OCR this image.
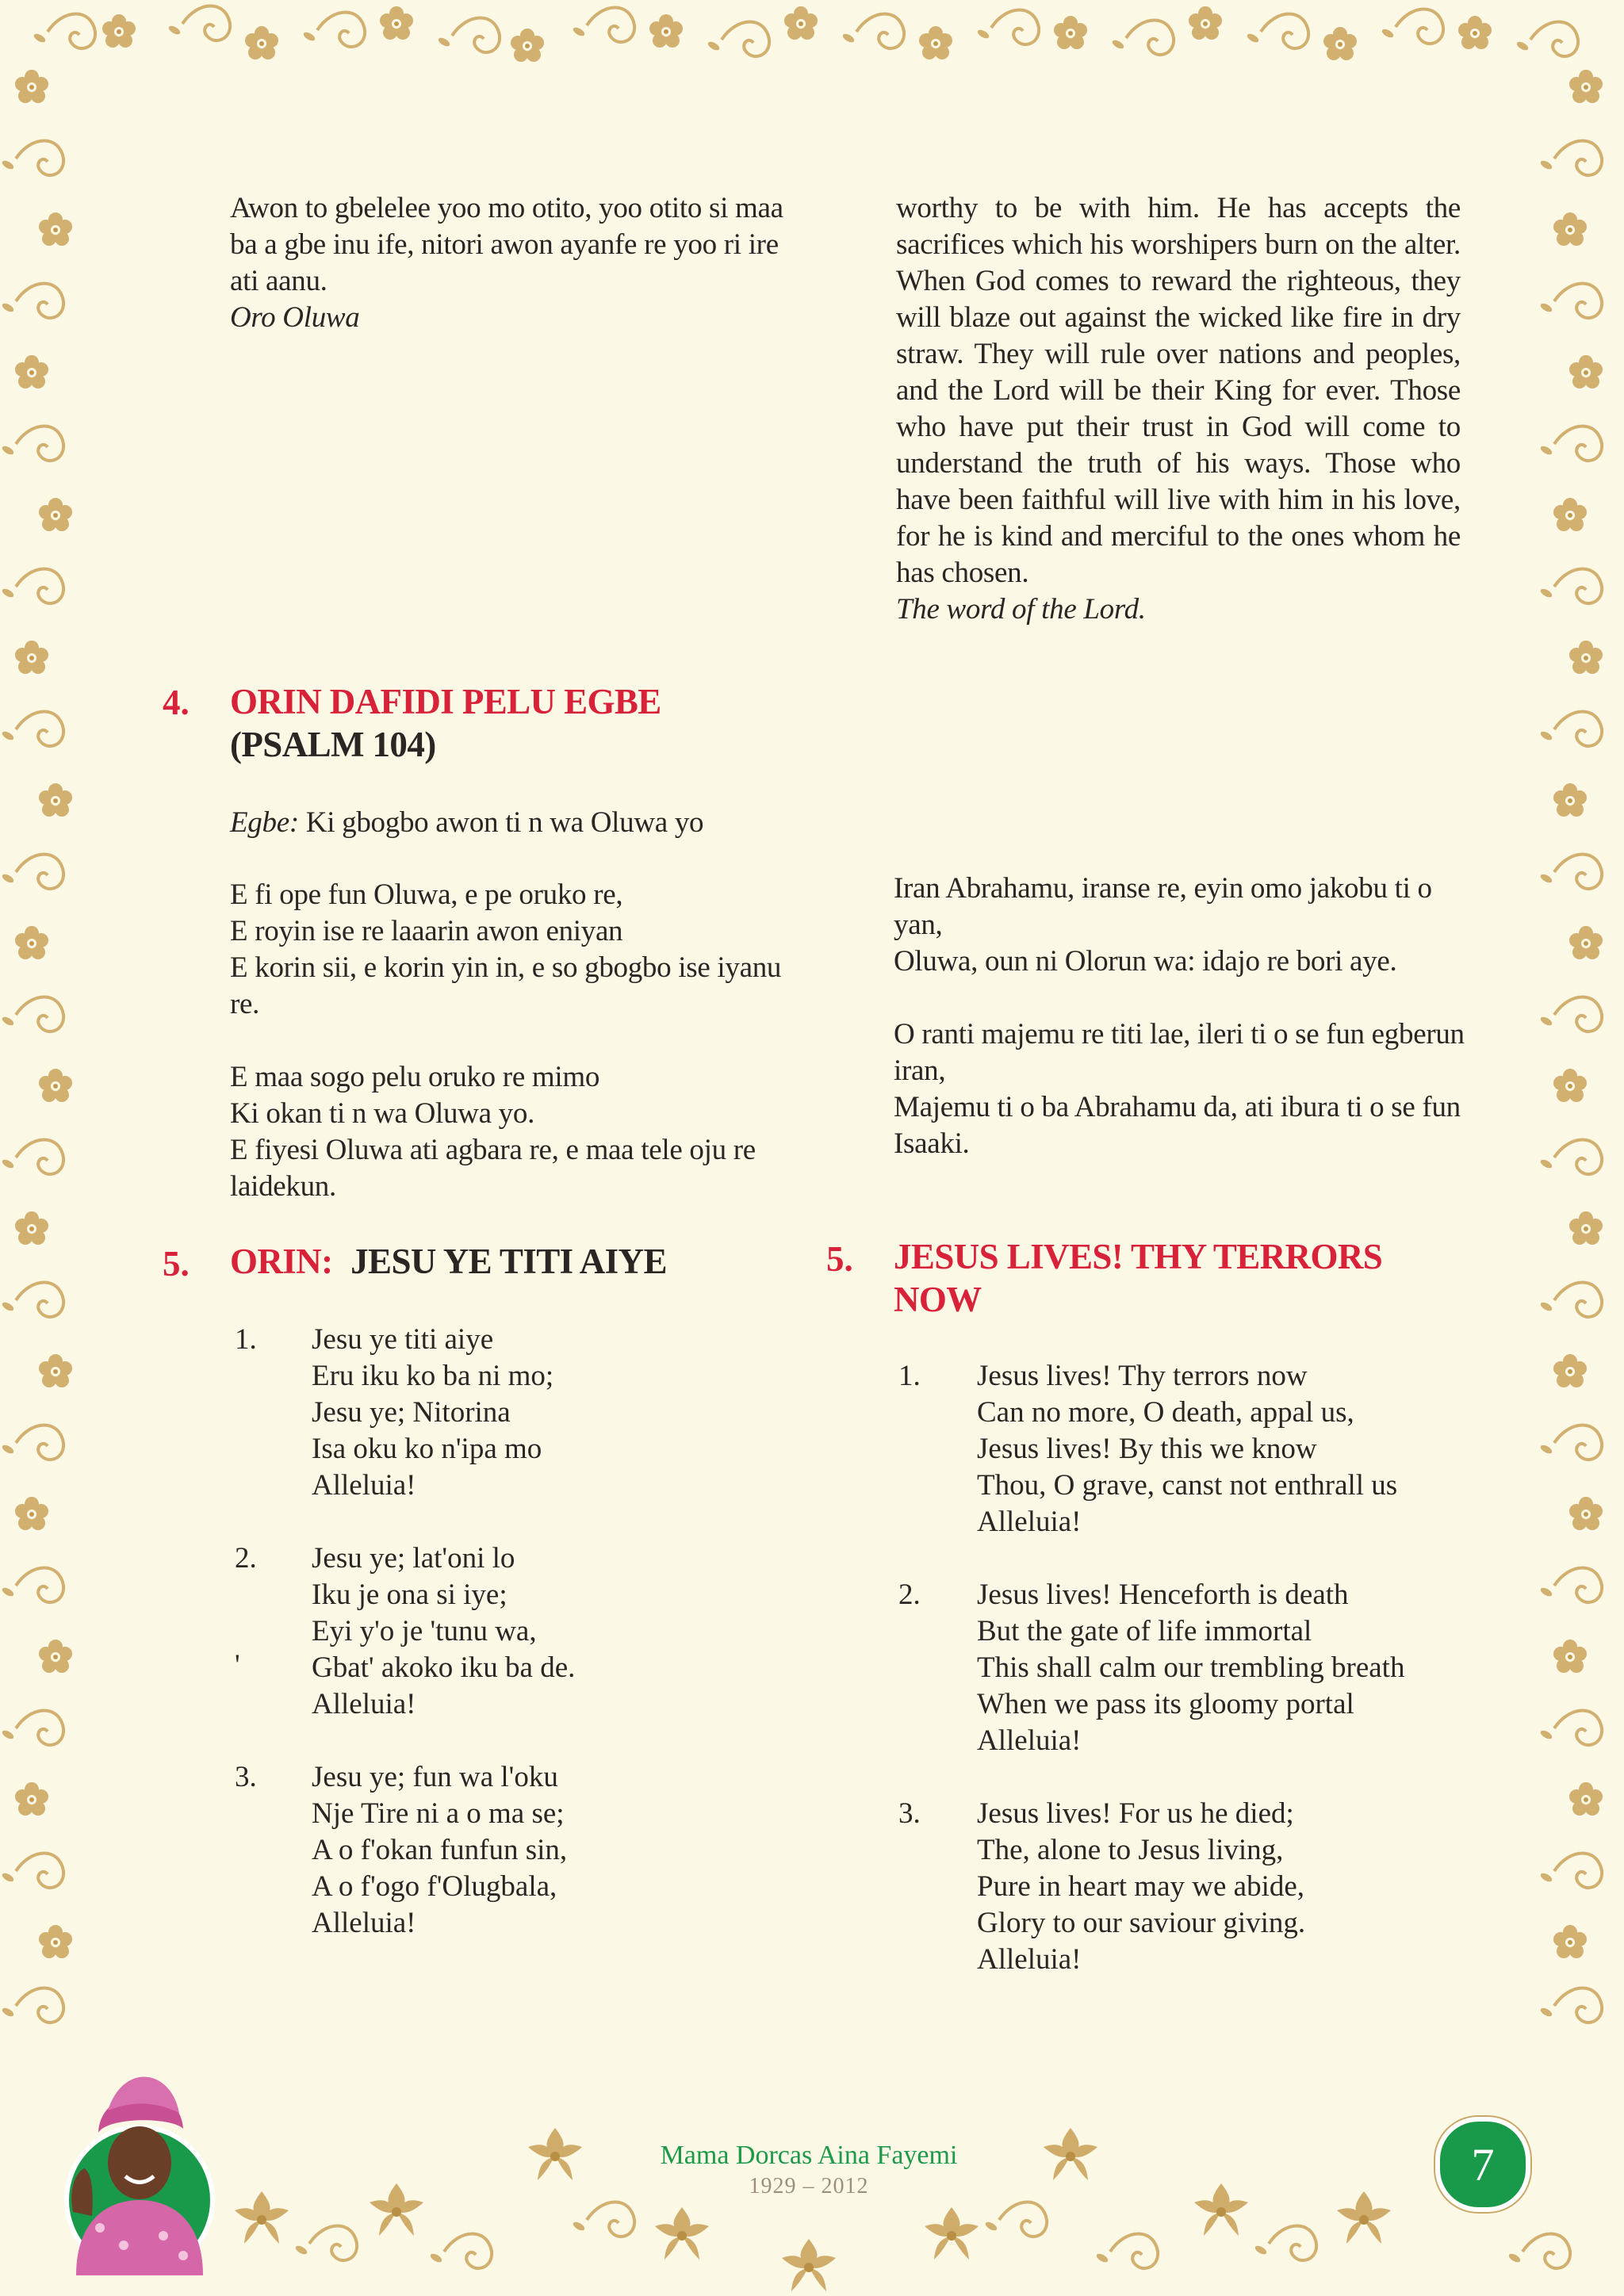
Awon to gbelelee yoo mo otito, yoo otito si maa ba a gbe inu ife, nitori awon ayanfe re yoo ri ire ati aanu.

Oro Oluwa

worthy to be with him. He has accepts the sacrifices which his worshipers burn on the alter. When God comes to reward the righteous, they will blaze out against the wicked like fire in dry straw. They will rule over nations and peoples, and the Lord will be their King for ever. Those who have put their trust in God will come to understand the truth of his ways. Those who have been faithful will live with him in his love, for he is kind and merciful to the ones whom he has chosen.

The word of the Lord.

4. ORIN DAFIDI PELU EGBE
(PSALM 104)

Egbe: Ki gbogbo awon ti n wa Oluwa yo

E fi ope fun Oluwa, e pe oruko re,

E royin ise re laaarin awon eniyan

E korin sii, e korin yin in, e so gbogbo ise iyanu re.

E maa sogo pelu oruko re mimo

Ki okan ti n wa Oluwa yo.

E fiyesi Oluwa ati agbara re, e maa tele oju re laidekun.

Iran Abrahamu, iranse re, eyin omo jakobu ti o yan,

Oluwa, oun ni Olorun wa: idajo re bori aye.

O ranti majemu re titi lae, ileri ti o se fun egberun iran,

Majemu ti o ba Abrahamu da, ati ibura ti o se fun Isaaki.

5. ORIN: JESU YE TITI AIYE
1. Jesu ye titi aiye
Eru iku ko ba ni mo;
Jesu ye; Nitorina
Isa oku ko n'ipa mo
Alleluia!
2.
'
Jesu ye; lat'oni lo
Iku je ona si iye;
Eyi y'o je 'tunu wa,
Gbat' akoko iku ba de.
Alleluia!
3. Jesu ye; fun wa l'oku
Nje Tire ni a o ma se;
A o f'okan funfun sin,
A o f'ogo f'Olugbala,
Alleluia!
5. JESUS LIVES! THY TERRORS
NOW
1. Jesus lives! Thy terrors now
Can no more, O death, appal us,
Jesus lives! By this we know
Thou, O grave, canst not enthrall us
Alleluia!
2. Jesus lives! Henceforth is death
But the gate of life immortal
This shall calm our trembling breath
When we pass its gloomy portal
Alleluia!
3. Jesus lives! For us he died;
The, alone to Jesus living,
Pure in heart may we abide,
Glory to our saviour giving.
Alleluia!
Mama Dorcas Aina Fayemi
1929 – 2012	7
